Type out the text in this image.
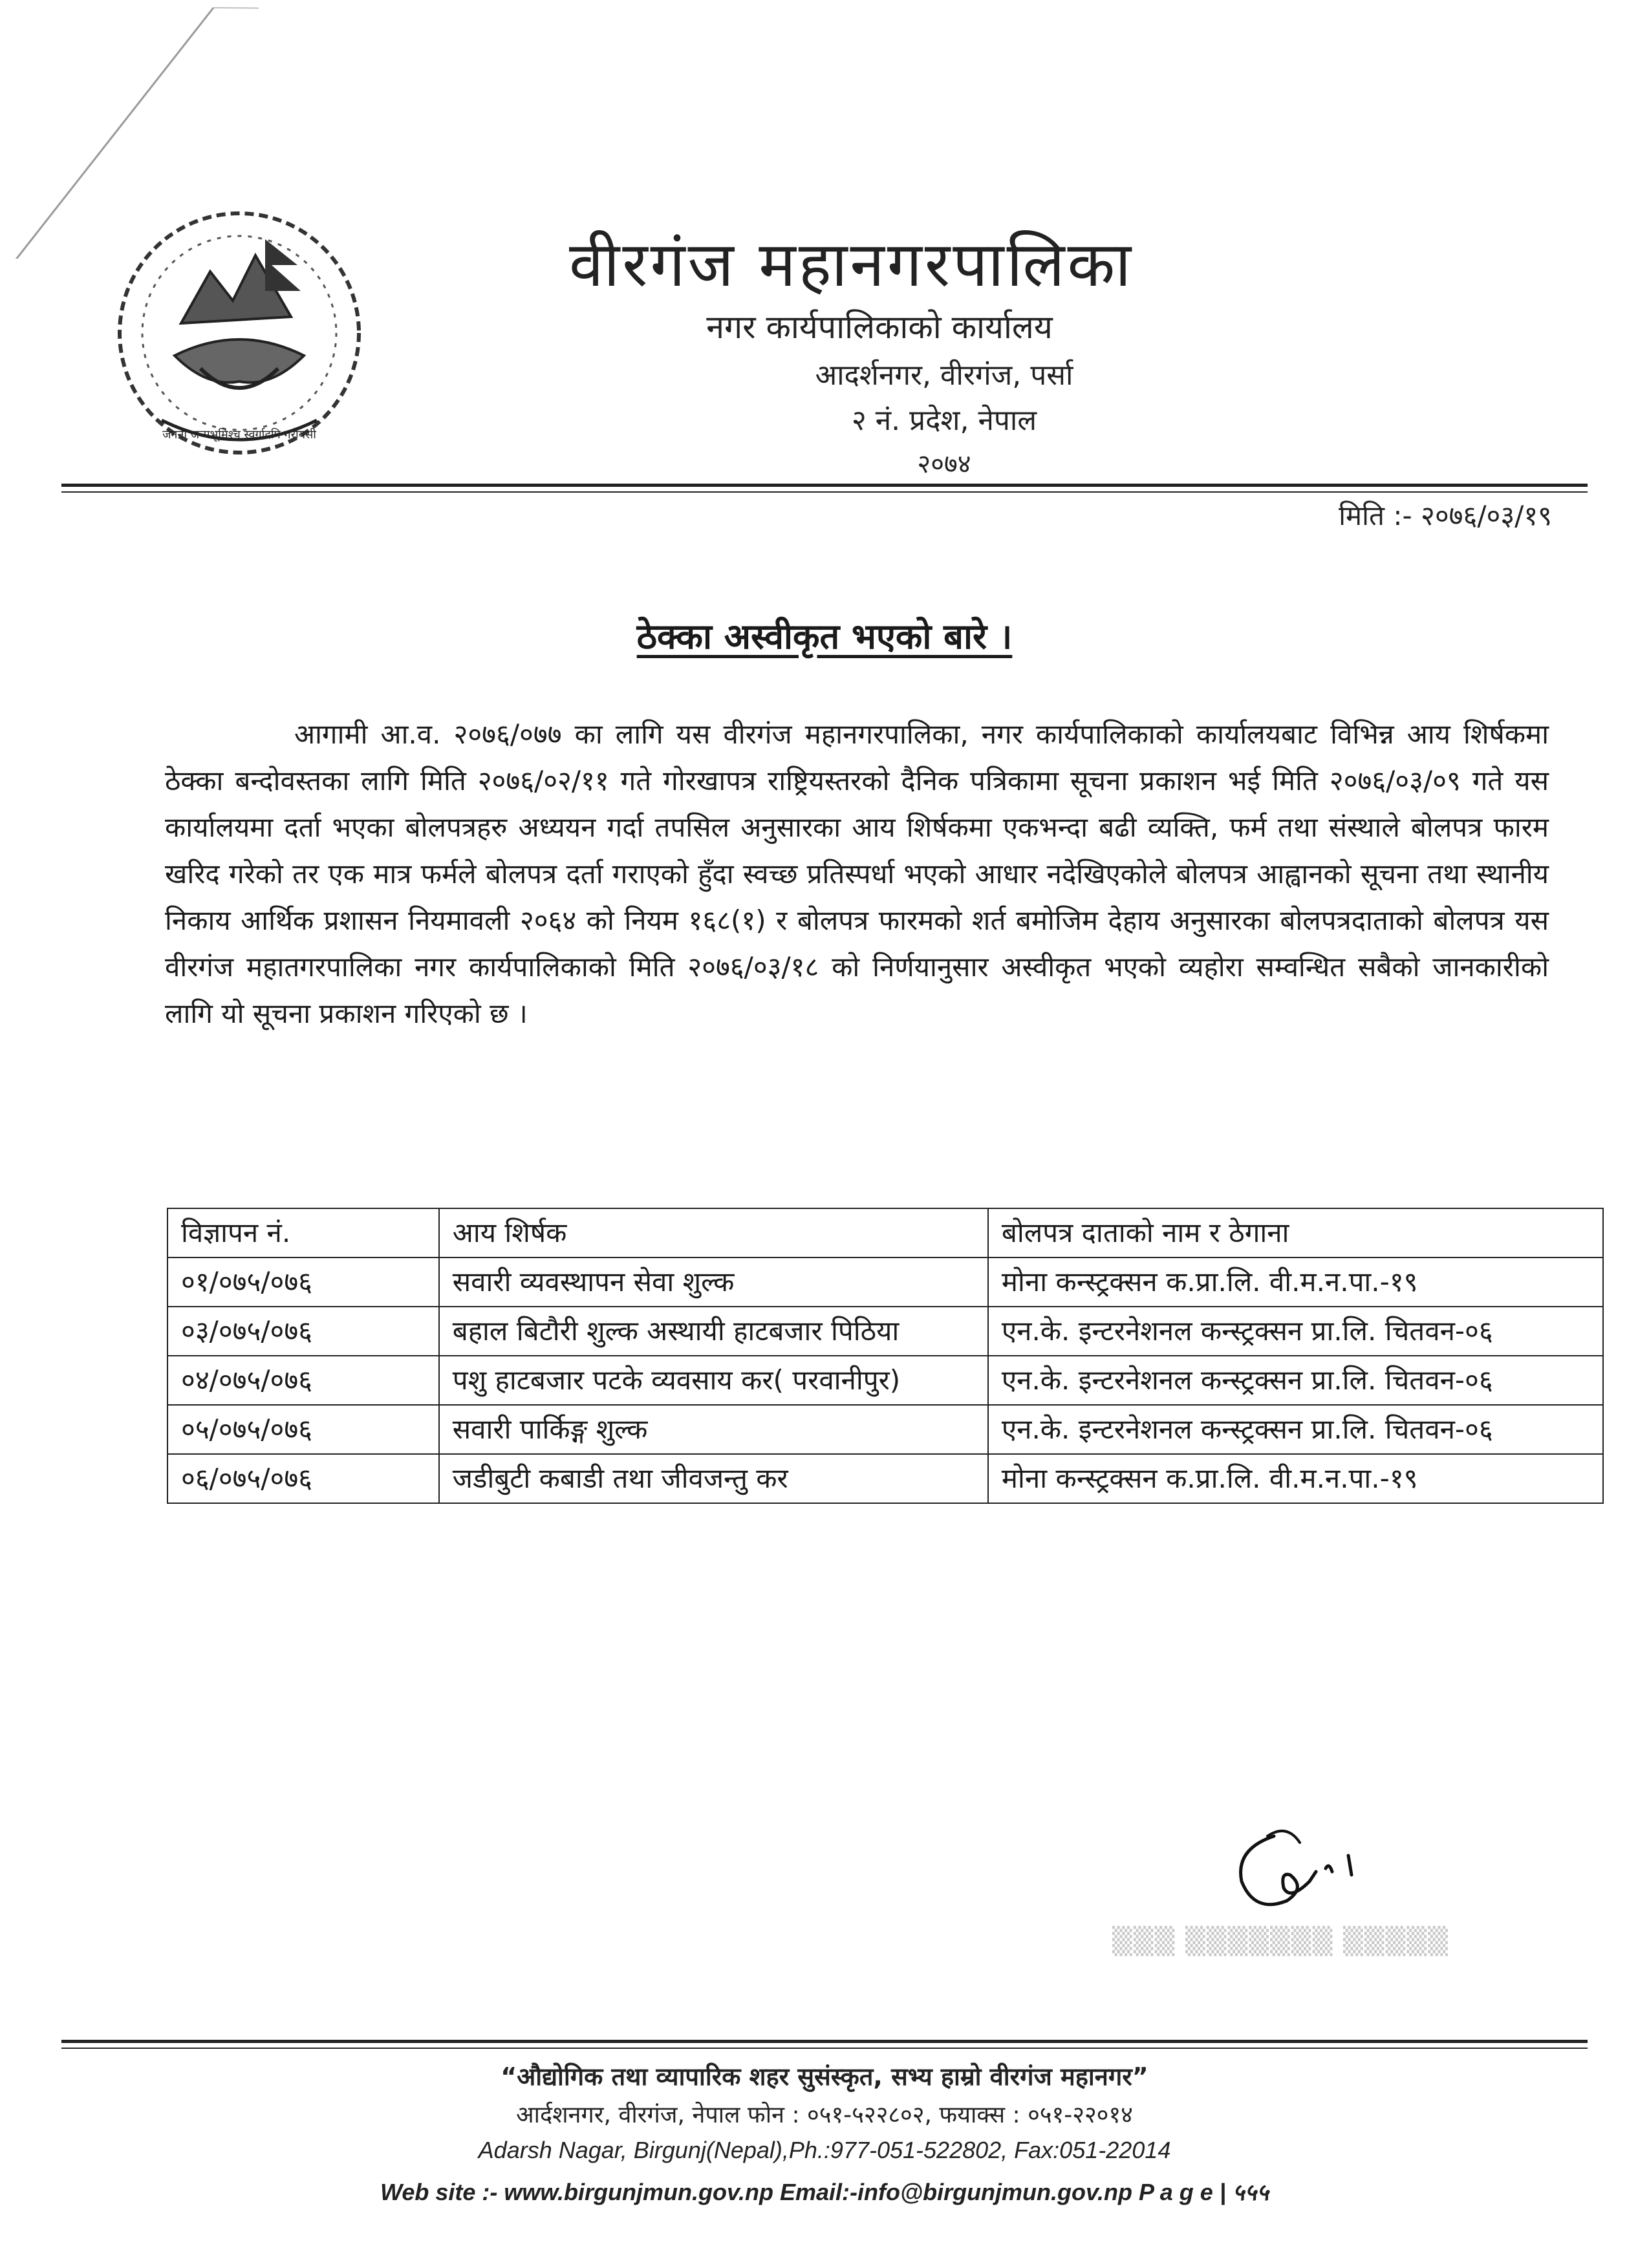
जननी जन्मभूमिश्च स्वर्गादपि गरीयसी
वीरगंज महानगरपालिका
नगर कार्यपालिकाको कार्यालय
आदर्शनगर, वीरगंज, पर्सा
२ नं. प्रदेश, नेपाल
२०७४
मिति :- २०७६/०३/१९
ठेक्का अस्वीकृत भएको बारे ।
आगामी आ.व. २०७६/०७७ का लागि यस वीरगंज महानगरपालिका, नगर कार्यपालिकाको कार्यालयबाट विभिन्न आय शिर्षकमा ठेक्का बन्दोवस्तका लागि मिति २०७६/०२/११ गते गोरखापत्र राष्ट्रियस्तरको दैनिक पत्रिकामा सूचना प्रकाशन भई मिति २०७६/०३/०९ गते यस कार्यालयमा दर्ता भएका बोलपत्रहरु अध्ययन गर्दा तपसिल अनुसारका आय शिर्षकमा एकभन्दा बढी व्यक्ति, फर्म तथा संस्थाले बोलपत्र फारम खरिद गरेको तर एक मात्र फर्मले बोलपत्र दर्ता गराएको हुँदा स्वच्छ प्रतिस्पर्धा भएको आधार नदेखिएकोले बोलपत्र आह्वानको सूचना तथा स्थानीय निकाय आर्थिक प्रशासन नियमावली २०६४ को नियम १६८(१) र बोलपत्र फारमको शर्त बमोजिम देहाय अनुसारका बोलपत्रदाताको बोलपत्र यस वीरगंज महातगरपालिका नगर कार्यपालिकाको मिति २०७६/०३/१८ को निर्णयानुसार अस्वीकृत भएको व्यहोरा सम्वन्धित सबैको जानकारीको लागि यो सूचना प्रकाशन गरिएको छ ।
विज्ञापन नं.	आय शिर्षक	बोलपत्र दाताको नाम र ठेगाना
०१/०७५/०७६	सवारी व्यवस्थापन सेवा शुल्क	मोना कन्स्ट्रक्सन क.प्रा.लि. वी.म.न.पा.-१९
०३/०७५/०७६	बहाल बिटौरी शुल्क अस्थायी हाटबजार पिठिया	एन.के. इन्टरनेशनल कन्स्ट्रक्सन प्रा.लि. चितवन-०६
०४/०७५/०७६	पशु हाटबजार पटके व्यवसाय कर( परवानीपुर)	एन.के. इन्टरनेशनल कन्स्ट्रक्सन प्रा.लि. चितवन-०६
०५/०७५/०७६	सवारी पार्किङ्ग शुल्क	एन.के. इन्टरनेशनल कन्स्ट्रक्सन प्रा.लि. चितवन-०६
०६/०७५/०७६	जडीबुटी कबाडी तथा जीवजन्तु कर	मोना कन्स्ट्रक्सन क.प्रा.लि. वी.म.न.पा.-१९
▒▒▒ ▒▒▒▒▒▒▒ ▒▒▒▒▒
“औद्योगिक तथा व्यापारिक शहर सुसंस्कृत, सभ्य हाम्रो वीरगंज महानगर”
आर्दशनगर, वीरगंज, नेपाल फोन : ०५१-५२२८०२, फयाक्स : ०५१-२२०१४
Adarsh Nagar, Birgunj(Nepal),Ph.:977-051-522802, Fax:051-22014
Web site :- www.birgunjmun.gov.np Email:-info@birgunjmun.gov.np P a g e | ५५५
